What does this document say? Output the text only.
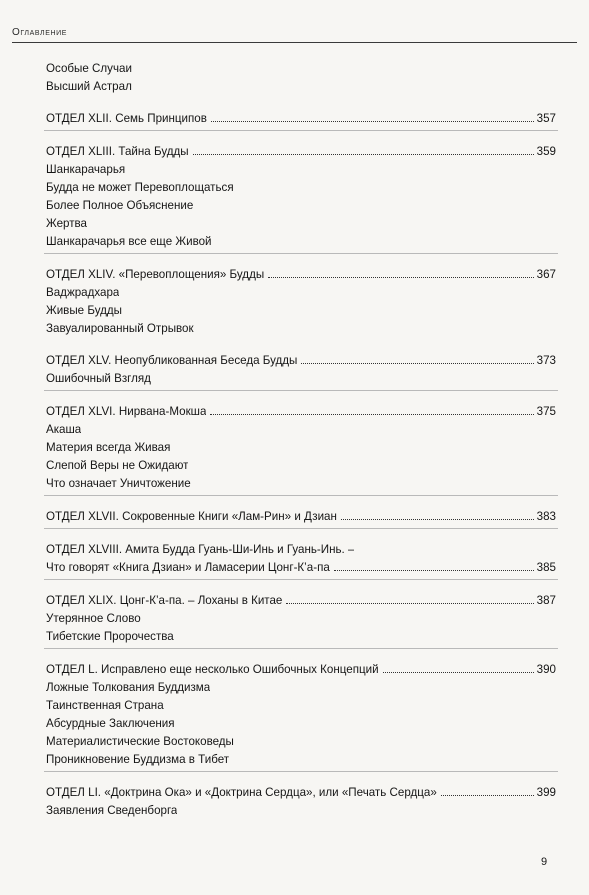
Оглавление
Особые Случаи
Высший Астрал
ОТДЕЛ XLII. Семь Принципов	357
ОТДЕЛ XLIII. Тайна Будды	359
Шанкарачарья
Будда не может Перевоплощаться
Более Полное Объяснение
Жертва
Шанкарачарья все еще Живой
ОТДЕЛ XLIV. «Перевоплощения» Будды	367
Ваджрадхара
Живые Будды
Завуалированный Отрывок
ОТДЕЛ XLV. Неопубликованная Беседа Будды	373
Ошибочный Взгляд
ОТДЕЛ XLVI. Нирвана-Мокша	375
Акаша
Материя всегда Живая
Слепой Веры не Ожидают
Что означает Уничтожение
ОТДЕЛ XLVII. Сокровенные Книги «Лам-Рин» и Дзиан	383
ОТДЕЛ XLVIII. Амита Будда Гуань-Ши-Инь и Гуань-Инь. –
Что говорят «Книга Дзиан» и Ламасерии Цонг-К’а-па	385
ОТДЕЛ XLIX. Цонг-К’а-па. – Лоханы в Китае	387
Утерянное Слово
Тибетские Пророчества
ОТДЕЛ L. Исправлено еще несколько Ошибочных Концепций	390
Ложные Толкования Буддизма
Таинственная Страна
Абсурдные Заключения
Материалистические Востоковеды
Проникновение Буддизма в Тибет
ОТДЕЛ LI. «Доктрина Ока» и «Доктрина Сердца», или «Печать Сердца»	399
Заявления Сведенборга
9
